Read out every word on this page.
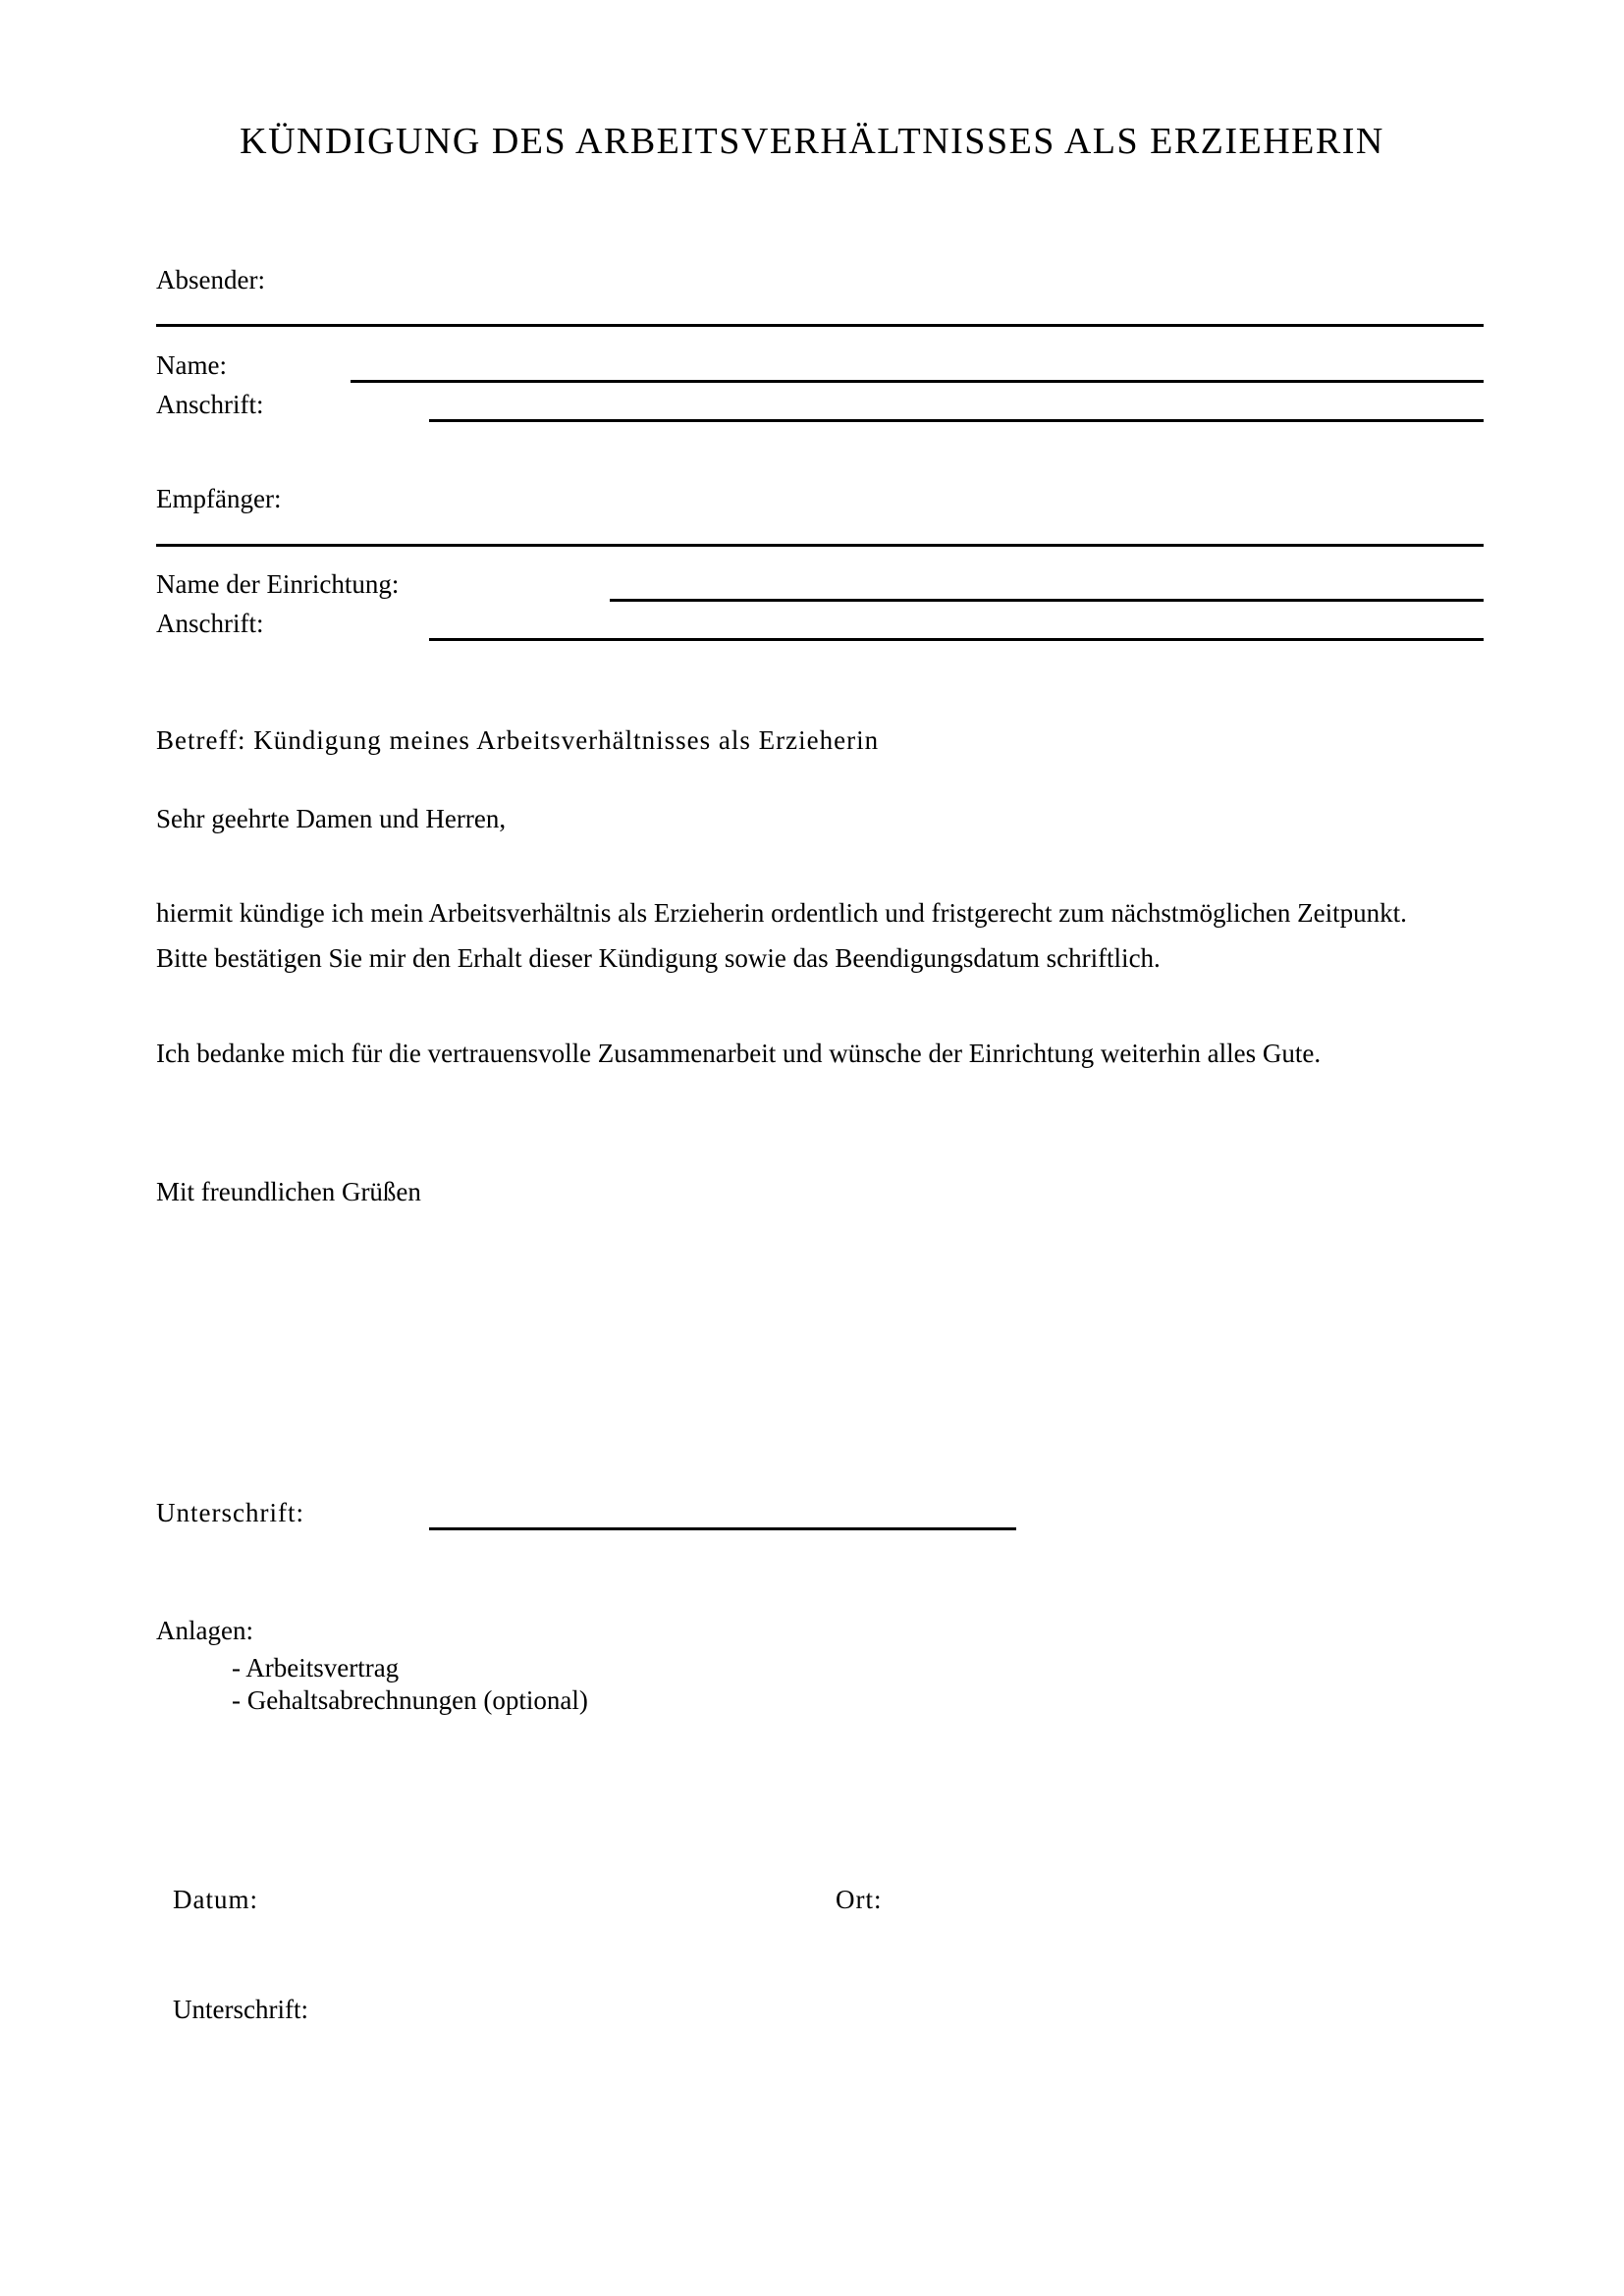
KÜNDIGUNG DES ARBEITSVERHÄLTNISSES ALS ERZIEHERIN
Absender:
Name:
Anschrift:
Empfänger:
Name der Einrichtung:
Anschrift:
Betreff: Kündigung meines Arbeitsverhältnisses als Erzieherin
Sehr geehrte Damen und Herren,
hiermit kündige ich mein Arbeitsverhältnis als Erzieherin ordentlich und fristgerecht zum nächstmöglichen Zeitpunkt.
Bitte bestätigen Sie mir den Erhalt dieser Kündigung sowie das Beendigungsdatum schriftlich.
Ich bedanke mich für die vertrauensvolle Zusammenarbeit und wünsche der Einrichtung weiterhin alles Gute.
Mit freundlichen Grüßen
Unterschrift:
Anlagen:
- Arbeitsvertrag
- Gehaltsabrechnungen (optional)
Datum:	Ort:
Unterschrift:
